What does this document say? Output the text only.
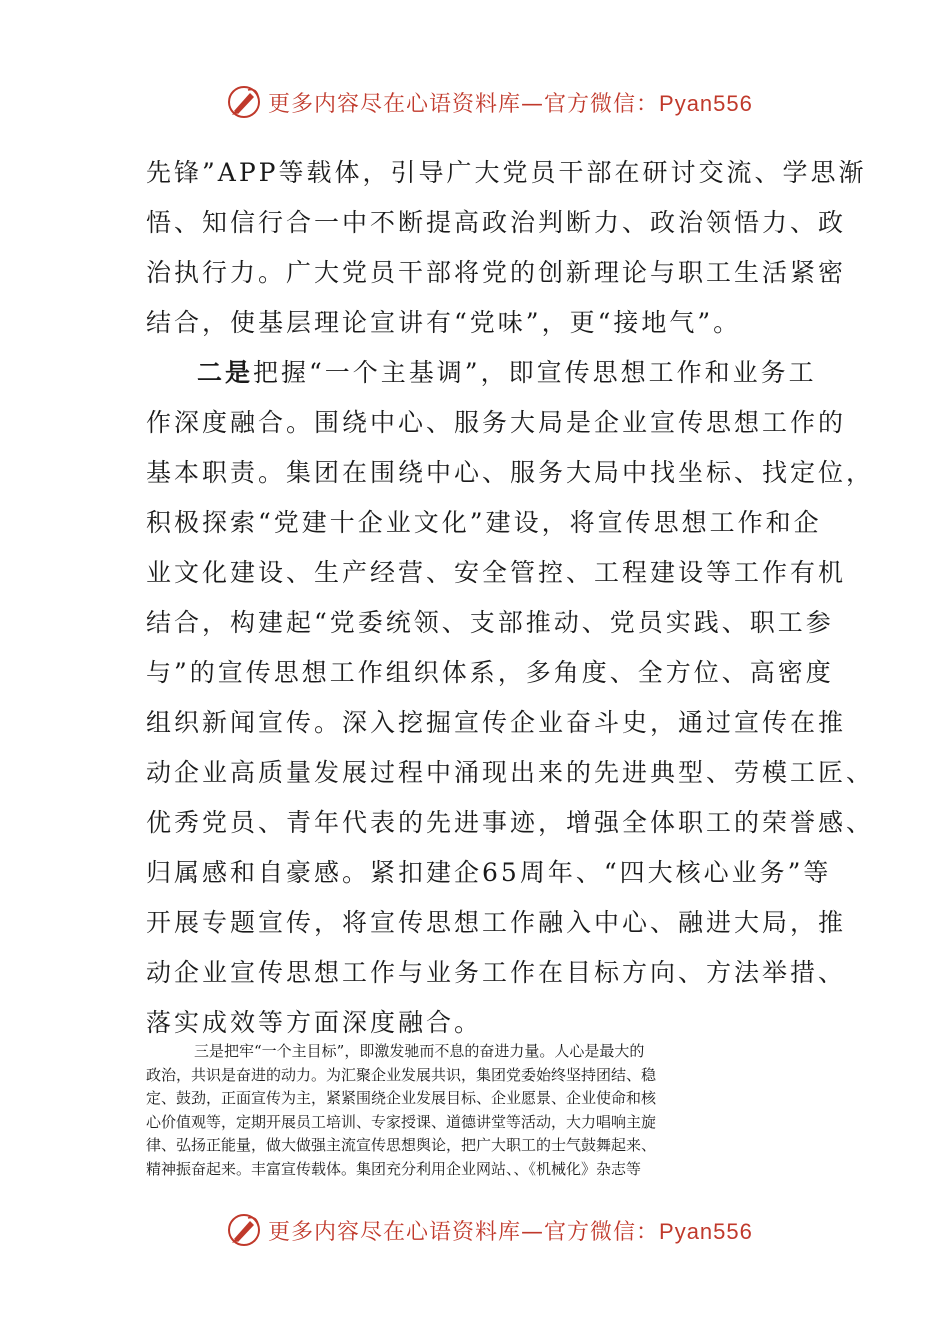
更多内容尽在心语资料库—官方微信：Pyan556
先锋”APP等载体，引导广大党员干部在研讨交流、学思渐
悟、知信行合一中不断提高政治判断力、政治领悟力、政
治执行力。广大党员干部将党的创新理论与职工生活紧密
结合，使基层理论宣讲有“党味”，更“接地气”。
二是把握“一个主基调”，即宣传思想工作和业务工
作深度融合。围绕中心、服务大局是企业宣传思想工作的
基本职责。集团在围绕中心、服务大局中找坐标、找定位，
积极探索“党建十企业文化”建设，将宣传思想工作和企
业文化建设、生产经营、安全管控、工程建设等工作有机
结合，构建起“党委统领、支部推动、党员实践、职工参
与”的宣传思想工作组织体系，多角度、全方位、高密度
组织新闻宣传。深入挖掘宣传企业奋斗史，通过宣传在推
动企业高质量发展过程中涌现出来的先进典型、劳模工匠、
优秀党员、青年代表的先进事迹，增强全体职工的荣誉感、
归属感和自豪感。紧扣建企65周年、“四大核心业务”等
开展专题宣传，将宣传思想工作融入中心、融进大局，推
动企业宣传思想工作与业务工作在目标方向、方法举措、
落实成效等方面深度融合。
三是把牢“一个主目标”，即激发驰而不息的奋进力量。人心是最大的
政治，共识是奋进的动力。为汇聚企业发展共识，集团党委始终坚持团结、稳
定、鼓劲，正面宣传为主，紧紧围绕企业发展目标、企业愿景、企业使命和核
心价值观等，定期开展员工培训、专家授课、道德讲堂等活动，大力唱响主旋
律、弘扬正能量，做大做强主流宣传思想舆论，把广大职工的士气鼓舞起来、
精神振奋起来。丰富宣传载体。集团充分利用企业网站、、《机械化》杂志等
更多内容尽在心语资料库—官方微信：Pyan556
